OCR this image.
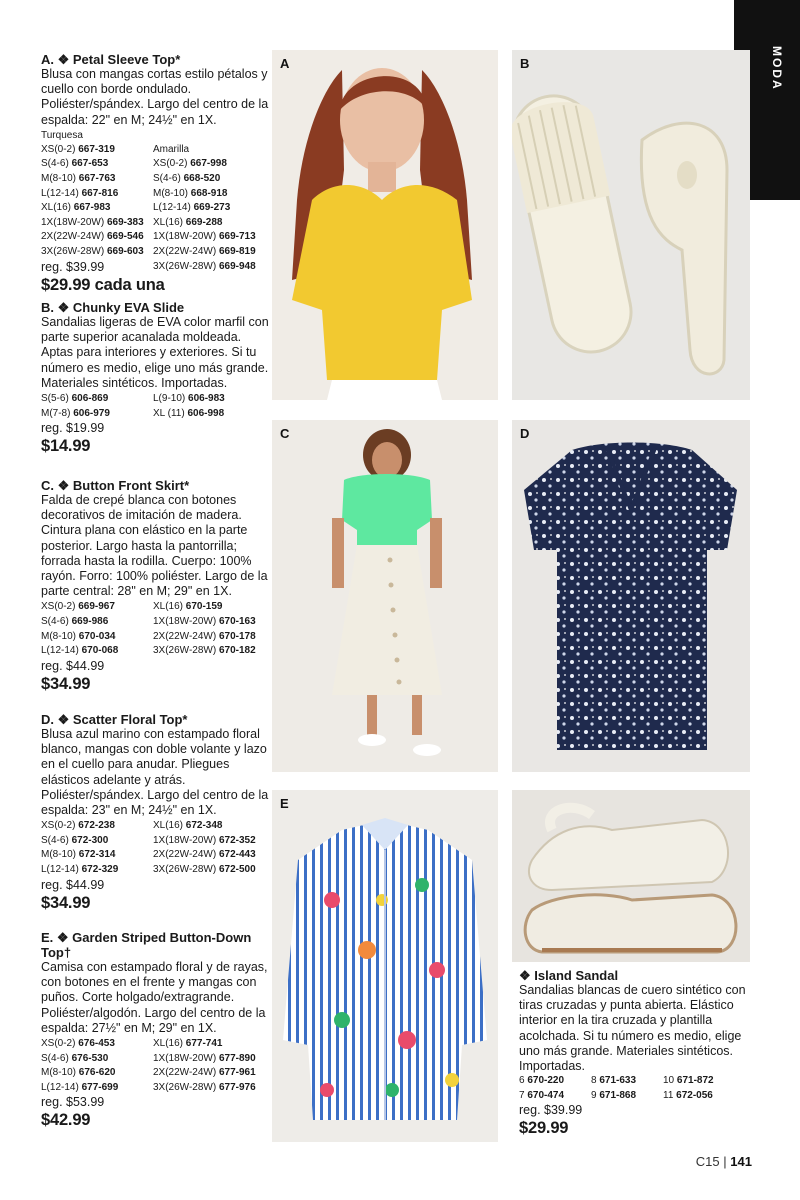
MODA
A. ❖ Petal Sleeve Top*
Blusa con mangas cortas estilo pétalos y cuello con borde ondulado. Poliéster/spándex. Largo del centro de la espalda: 22" en M; 24½" en 1X.
Turquesa
XS(0-2) 667-319	Amarilla
S(4-6) 667-653	XS(0-2) 667-998
M(8-10) 667-763	S(4-6) 668-520
L(12-14) 667-816	M(8-10) 668-918
XL(16) 667-983	L(12-14) 669-273
1X(18W-20W) 669-383 XL(16) 669-288
2X(22W-24W) 669-546 1X(18W-20W) 669-713
3X(26W-28W) 669-603 2X(22W-24W) 669-819
reg. $39.99	3X(26W-28W) 669-948
$29.99 cada una
B. ❖ Chunky EVA Slide
Sandalias ligeras de EVA color marfil con parte superior acanalada moldeada. Aptas para interiores y exteriores. Si tu número es medio, elige uno más grande. Materiales sintéticos. Importadas.
S(5-6) 606-869	L(9-10) 606-983
M(7-8) 606-979	XL (11) 606-998
reg. $19.99
$14.99
C. ❖ Button Front Skirt*
Falda de crepé blanca con botones decorativos de imitación de madera. Cintura plana con elástico en la parte posterior. Largo hasta la pantorrilla; forrada hasta la rodilla. Cuerpo: 100% rayón. Forro: 100% poliéster. Largo de la parte central: 28" en M; 29" en 1X.
XS(0-2) 669-967	XL(16) 670-159
S(4-6) 669-986	1X(18W-20W) 670-163
M(8-10) 670-034	2X(22W-24W) 670-178
L(12-14) 670-068	3X(26W-28W) 670-182
reg. $44.99
$34.99
D. ❖ Scatter Floral Top*
Blusa azul marino con estampado floral blanco, mangas con doble volante y lazo en el cuello para anudar. Pliegues elásticos adelante y atrás. Poliéster/spándex. Largo del centro de la espalda: 23" en M; 24½" en 1X.
XS(0-2) 672-238	XL(16) 672-348
S(4-6) 672-300	1X(18W-20W) 672-352
M(8-10) 672-314	2X(22W-24W) 672-443
L(12-14) 672-329	3X(26W-28W) 672-500
reg. $44.99
$34.99
E. ❖ Garden Striped Button-Down Top†
Camisa con estampado floral y de rayas, con botones en el frente y mangas con puños. Corte holgado/extragrande. Poliéster/algodón. Largo del centro de la espalda: 27½" en M; 29" en 1X.
XS(0-2) 676-453	XL(16) 677-741
S(4-6) 676-530	1X(18W-20W) 677-890
M(8-10) 676-620	2X(22W-24W) 677-961
L(12-14) 677-699	3X(26W-28W) 677-976
reg. $53.99
$42.99
A	B
C	D
E
❖ Island Sandal
Sandalias blancas de cuero sintético con tiras cruzadas y punta abierta. Elástico interior en la tira cruzada y plantilla acolchada. Si tu número es medio, elige uno más grande. Materiales sintéticos. Importadas.
6 670-220	8 671-633	10 671-872
7 670-474	9 671-868	11 672-056
reg. $39.99
$29.99
C15 | 141
